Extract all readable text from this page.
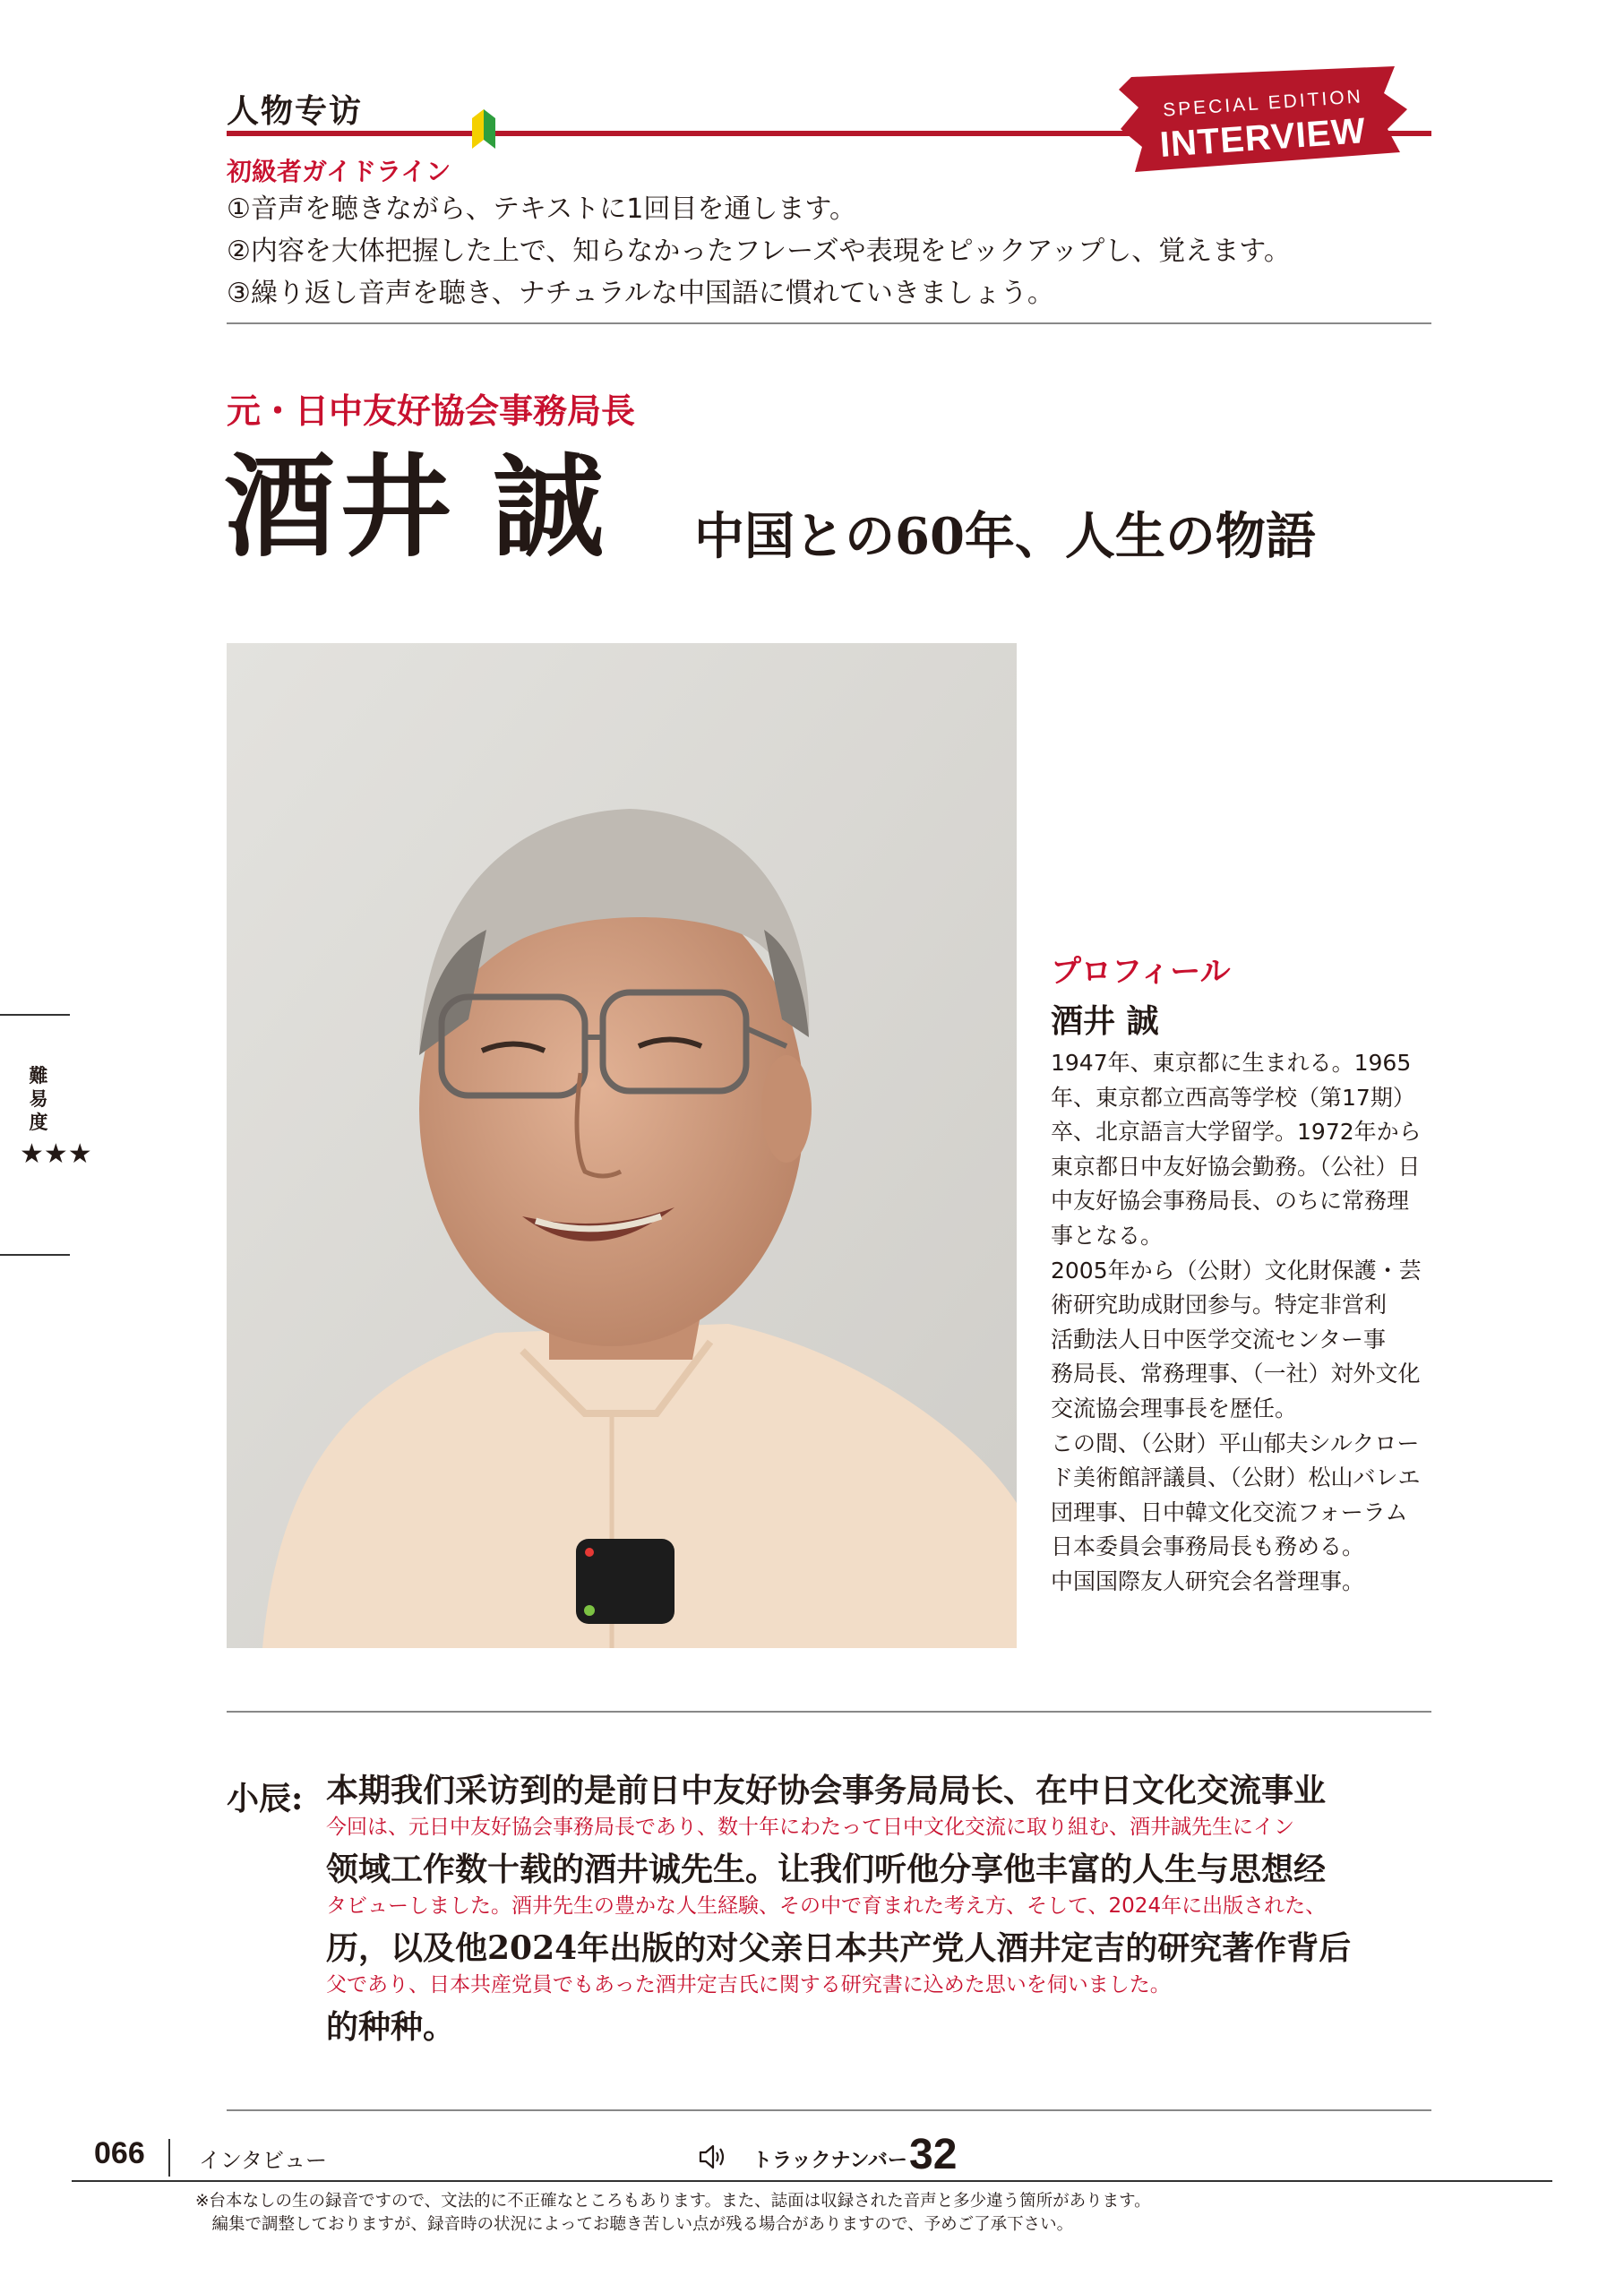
人物专访	SPECIAL EDITION
INTERVIEW
初級者ガイドライン
①音声を聴きながら、テキストに1回目を通します。
②内容を大体把握した上で、知らなかったフレーズや表現をピックアップし、覚えます。
③繰り返し音声を聴き、ナチュラルな中国語に慣れていきましょう。
元・日中友好協会事務局長
酒井 誠 中国との60年、人生の物語
プロフィール
酒井 誠

1947年、東京都に生まれる。1965

年、東京都立西高等学校（第17期）

卒、北京語言大学留学。1972年から

東京都日中友好協会勤務。（公社）日

中友好協会事務局長、のちに常務理

事となる。

2005年から（公財）文化財保護・芸

術研究助成財団参与。特定非営利

活動法人日中医学交流センター事

務局長、常務理事、（一社）対外文化

交流協会理事長を歴任。

この間、（公財）平山郁夫シルクロー

ド美術館評議員、（公財）松山バレエ

団理事、日中韓文化交流フォーラム

日本委員会事務局長も務める。

中国国際友人研究会名誉理事。

難易度
★★★
小辰: 本期我们采访到的是前日中友好协会事务局局长、在中日文化交流事业
今回は、元日中友好協会事務局長であり、数十年にわたって日中文化交流に取り組む、酒井誠先生にイン
领域工作数十载的酒井诚先生。让我们听他分享他丰富的人生与思想经
タビューしました。酒井先生の豊かな人生経験、その中で育まれた考え方、そして、2024年に出版された、
历，以及他2024年出版的对父亲日本共产党人酒井定吉的研究著作背后
父であり、日本共産党員でもあった酒井定吉氏に関する研究書に込めた思いを伺いました。
的种种。
066	インタビュー	トラックナンバー 32
※台本なしの生の録音ですので、文法的に不正確なところもあります。また、誌面は収録された音声と多少違う箇所があります。
　編集で調整しておりますが、録音時の状況によってお聴き苦しい点が残る場合がありますので、予めご了承下さい。
